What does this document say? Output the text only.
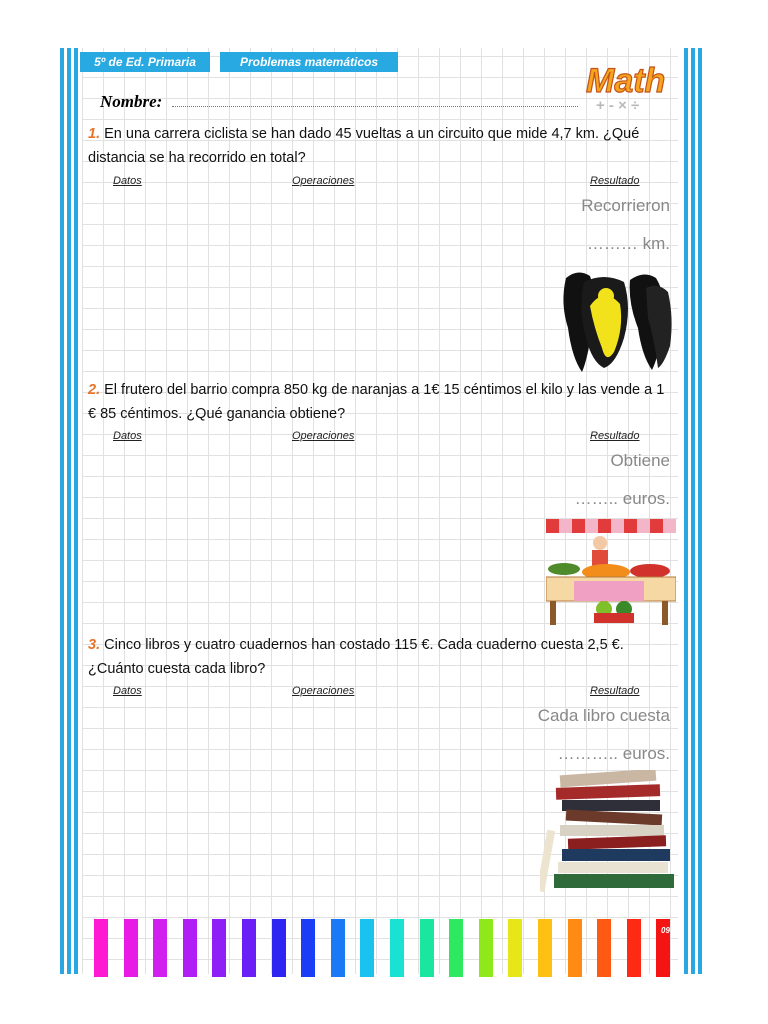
5º de Ed. Primaria	Problemas matemáticos	Math
+ - × ÷
Nombre:
1. En una carrera ciclista se han dado 45 vueltas a un circuito que mide 4,7 km. ¿Qué distancia se ha recorrido en total?
Datos	Operaciones	Resultado
Recorrieron
……… km.
2. El frutero del barrio compra 850 kg de naranjas a 1€ 15 céntimos el kilo y las vende a 1 € 85 céntimos. ¿Qué ganancia obtiene?
Datos	Operaciones	Resultado
Obtiene
…….. euros.
3. Cinco libros y cuatro cuadernos han costado 115 €. Cada cuaderno cuesta 2,5 €. ¿Cuánto cuesta cada libro?
Datos	Operaciones	Resultado
Cada libro cuesta
……….. euros.
09
